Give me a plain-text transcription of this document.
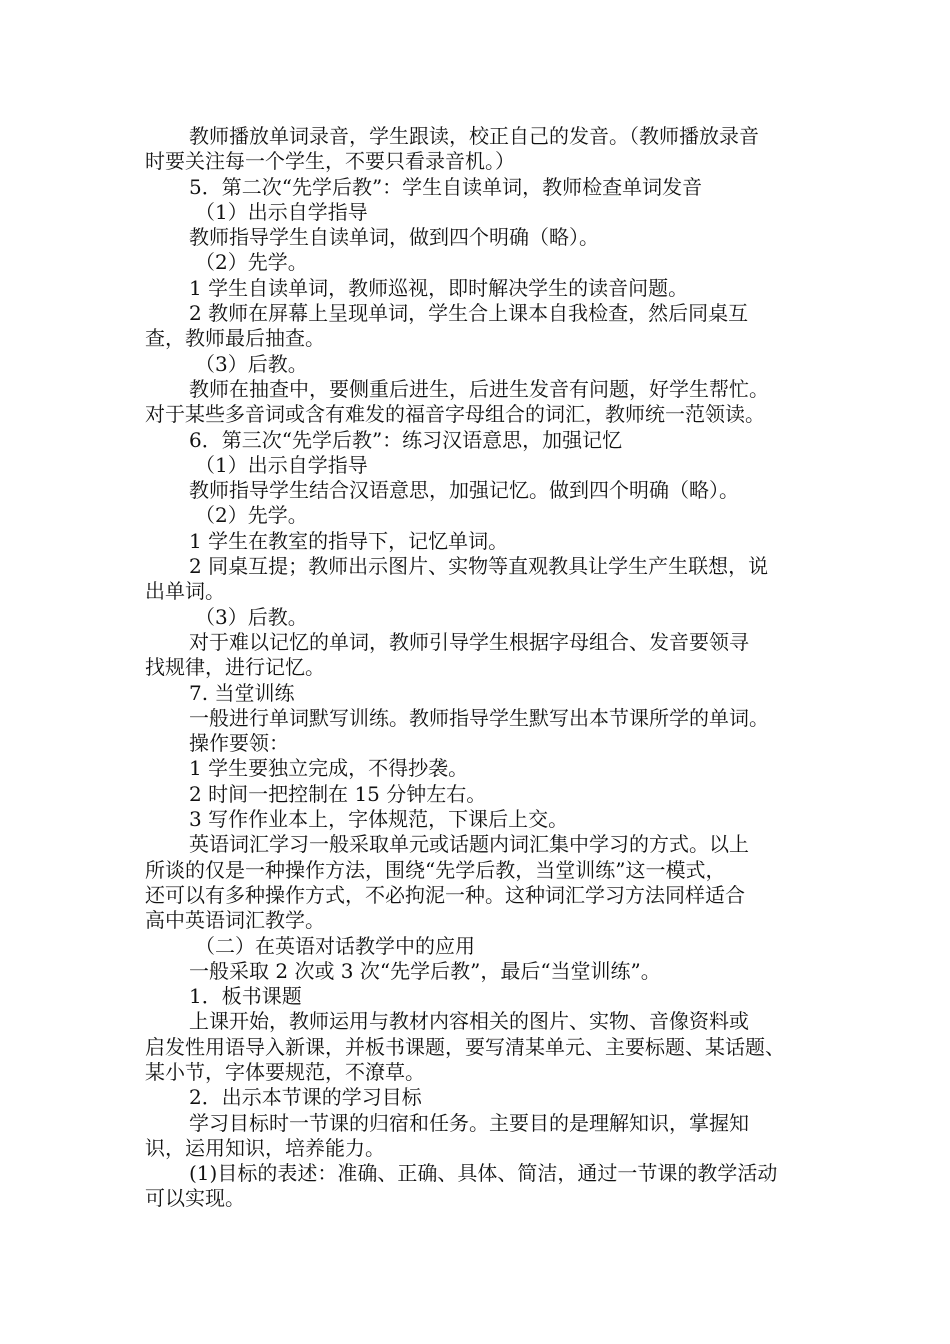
教师播放单词录音，学生跟读，校正自己的发音。（教师播放录音
时要关注每一个学生，不要只看录音机。）
5．第二次“先学后教”：学生自读单词，教师检查单词发音
（1）出示自学指导
教师指导学生自读单词，做到四个明确（略）。
（2）先学。
1 学生自读单词，教师巡视，即时解决学生的读音问题。
2 教师在屏幕上呈现单词，学生合上课本自我检查，然后同桌互
查，教师最后抽查。
（3）后教。
教师在抽查中，要侧重后进生，后进生发音有问题，好学生帮忙。
对于某些多音词或含有难发的福音字母组合的词汇，教师统一范领读。
6．第三次“先学后教”：练习汉语意思，加强记忆
（1）出示自学指导
教师指导学生结合汉语意思，加强记忆。做到四个明确（略）。
（2）先学。
1 学生在教室的指导下，记忆单词。
2 同桌互提；教师出示图片、实物等直观教具让学生产生联想，说
出单词。
（3）后教。
对于难以记忆的单词，教师引导学生根据字母组合、发音要领寻
找规律，进行记忆。
7. 当堂训练
一般进行单词默写训练。教师指导学生默写出本节课所学的单词。
操作要领：
1 学生要独立完成，不得抄袭。
2 时间一把控制在 15 分钟左右。
3 写作作业本上，字体规范，下课后上交。
英语词汇学习一般采取单元或话题内词汇集中学习的方式。以上
所谈的仅是一种操作方法，围绕“先学后教，当堂训练”这一模式，
还可以有多种操作方式，不必拘泥一种。这种词汇学习方法同样适合
高中英语词汇教学。
（二）在英语对话教学中的应用
一般采取 2 次或 3 次“先学后教”，最后“当堂训练”。
1．板书课题
上课开始，教师运用与教材内容相关的图片、实物、音像资料或
启发性用语导入新课，并板书课题，要写清某单元、主要标题、某话题、
某小节，字体要规范，不潦草。
2．出示本节课的学习目标
学习目标时一节课的归宿和任务。主要目的是理解知识，掌握知
识，运用知识，培养能力。
(1)目标的表述：准确、正确、具体、简洁，通过一节课的教学活动
可以实现。
